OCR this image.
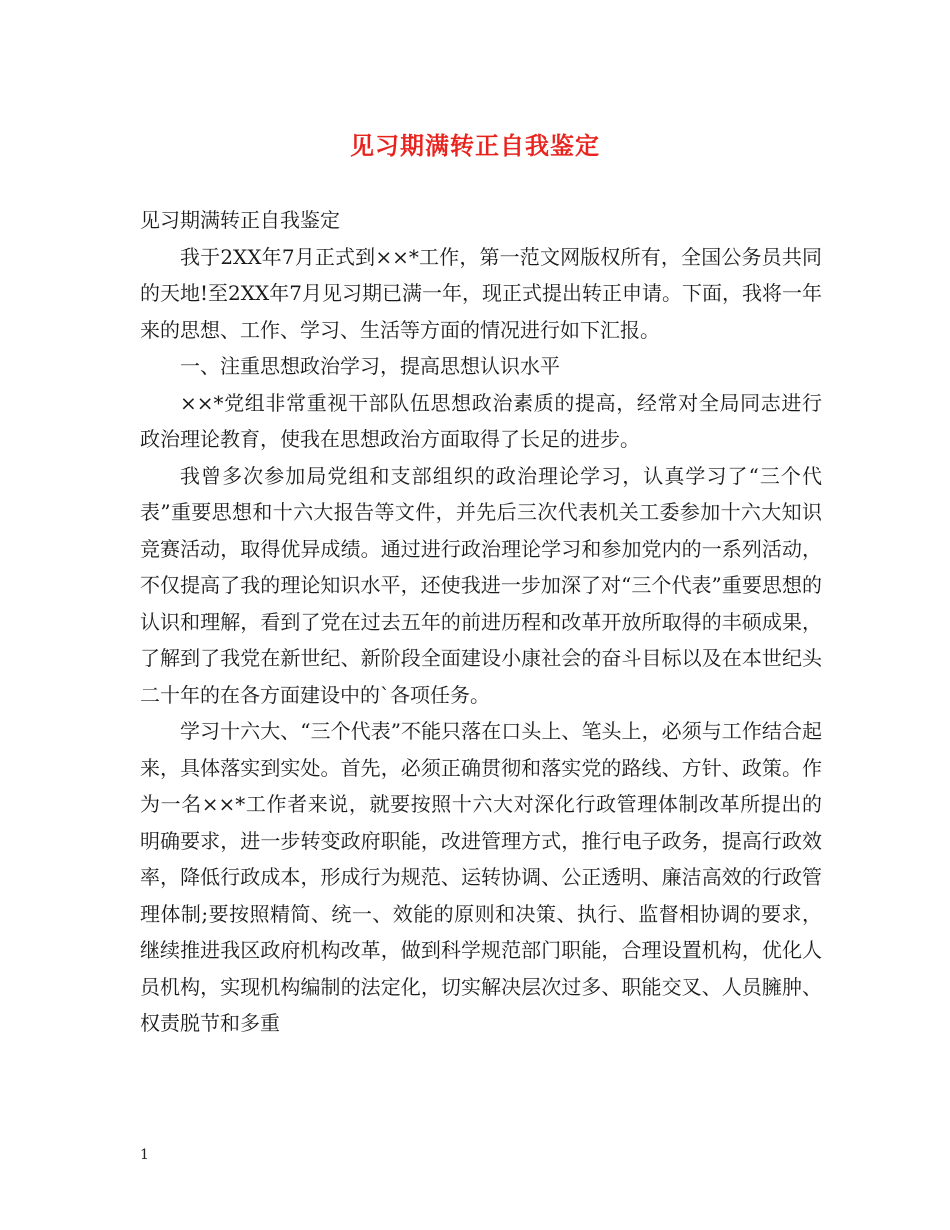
见习期满转正自我鉴定

见习期满转正自我鉴定

我于2XX年7月正式到××*工作，第一范文网版权所有，全国公务员共同的天地!至2XX年7月见习期已满一年，现正式提出转正申请。下面，我将一年来的思想、工作、学习、生活等方面的情况进行如下汇报。

一、注重思想政治学习，提高思想认识水平

××*党组非常重视干部队伍思想政治素质的提高，经常对全局同志进行政治理论教育，使我在思想政治方面取得了长足的进步。

我曾多次参加局党组和支部组织的政治理论学习，认真学习了“三个代表”重要思想和十六大报告等文件，并先后三次代表机关工委参加十六大知识竞赛活动，取得优异成绩。通过进行政治理论学习和参加党内的一系列活动，不仅提高了我的理论知识水平，还使我进一步加深了对“三个代表”重要思想的认识和理解，看到了党在过去五年的前进历程和改革开放所取得的丰硕成果，了解到了我党在新世纪、新阶段全面建设小康社会的奋斗目标以及在本世纪头二十年的在各方面建设中的`各项任务。

学习十六大、“三个代表”不能只落在口头上、笔头上，必须与工作结合起来，具体落实到实处。首先，必须正确贯彻和落实党的路线、方针、政策。作为一名××*工作者来说，就要按照十六大对深化行政管理体制改革所提出的明确要求，进一步转变政府职能，改进管理方式，推行电子政务，提高行政效率，降低行政成本，形成行为规范、运转协调、公正透明、廉洁高效的行政管理体制;要按照精简、统一、效能的原则和决策、执行、监督相协调的要求，继续推进我区政府机构改革，做到科学规范部门职能，合理设置机构，优化人员机构，实现机构编制的法定化，切实解决层次过多、职能交叉、人员臃肿、权责脱节和多重

1
